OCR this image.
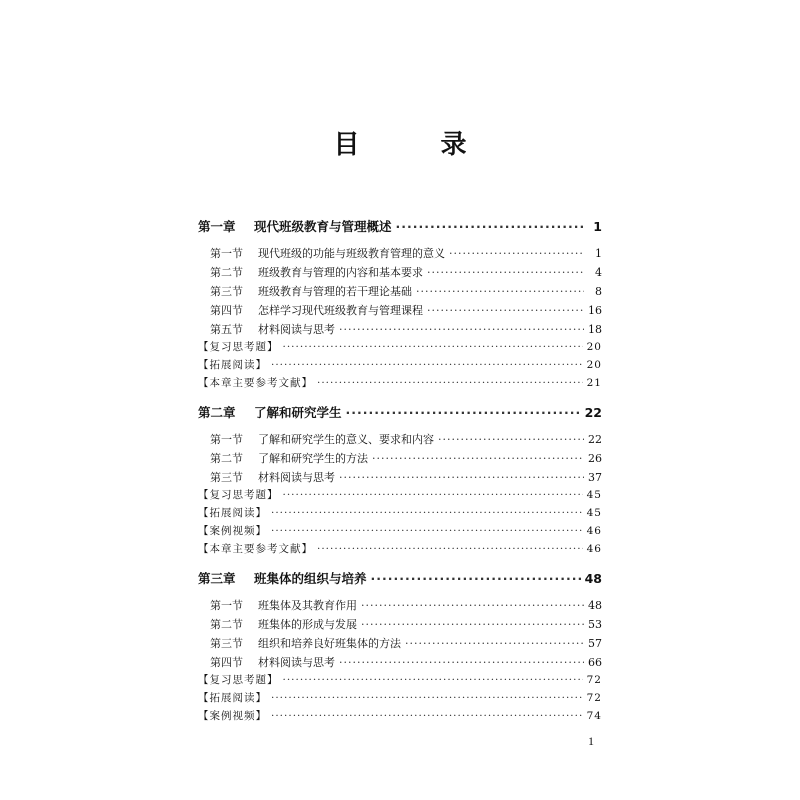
目 录
第一章	现代班级教育与管理概述 ·····	1
第一节	现代班级的功能与班级教育管理的意义 ·····	1
第二节	班级教育与管理的内容和基本要求 ·····	4
第三节	班级教育与管理的若干理论基础 ·····	8
第四节	怎样学习现代班级教育与管理课程 ·····	16
第五节	材料阅读与思考 ·····	18
【复习思考题】 ·····	20
【拓展阅读】 ·····	20
【本章主要参考文献】 ·····	21
第二章	了解和研究学生 ·····	22
第一节	了解和研究学生的意义、要求和内容 ·····	22
第二节	了解和研究学生的方法 ·····	26
第三节	材料阅读与思考 ·····	37
【复习思考题】 ·····	45
【拓展阅读】 ·····	45
【案例视频】 ·····	46
【本章主要参考文献】 ·····	46
第三章	班集体的组织与培养 ·····	48
第一节	班集体及其教育作用 ·····	48
第二节	班集体的形成与发展 ·····	53
第三节	组织和培养良好班集体的方法 ·····	57
第四节	材料阅读与思考 ·····	66
【复习思考题】 ·····	72
【拓展阅读】 ·····	72
【案例视频】 ·····	74
1
